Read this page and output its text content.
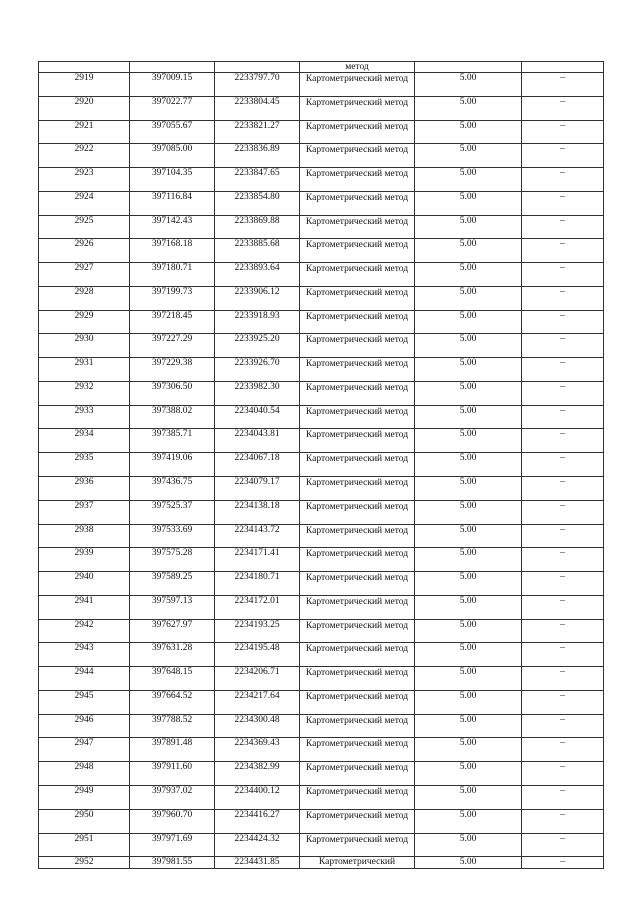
			метод		
2919	397009.15	2233797.70	Картометрический метод	5.00	–
2920	397022.77	2233804.45	Картометрический метод	5.00	–
2921	397055.67	2233821.27	Картометрический метод	5.00	–
2922	397085.00	2233836.89	Картометрический метод	5.00	–
2923	397104.35	2233847.65	Картометрический метод	5.00	–
2924	397116.84	2233854.80	Картометрический метод	5.00	–
2925	397142.43	2233869.88	Картометрический метод	5.00	–
2926	397168.18	2233885.68	Картометрический метод	5.00	–
2927	397180.71	2233893.64	Картометрический метод	5.00	–
2928	397199.73	2233906.12	Картометрический метод	5.00	–
2929	397218.45	2233918.93	Картометрический метод	5.00	–
2930	397227.29	2233925.20	Картометрический метод	5.00	–
2931	397229.38	2233926.70	Картометрический метод	5.00	–
2932	397306.50	2233982.30	Картометрический метод	5.00	–
2933	397388.02	2234040.54	Картометрический метод	5.00	–
2934	397385.71	2234043.81	Картометрический метод	5.00	–
2935	397419.06	2234067.18	Картометрический метод	5.00	–
2936	397436.75	2234079.17	Картометрический метод	5.00	–
2937	397525.37	2234138.18	Картометрический метод	5.00	–
2938	397533.69	2234143.72	Картометрический метод	5.00	–
2939	397575.28	2234171.41	Картометрический метод	5.00	–
2940	397589.25	2234180.71	Картометрический метод	5.00	–
2941	397597.13	2234172.01	Картометрический метод	5.00	–
2942	397627.97	2234193.25	Картометрический метод	5.00	–
2943	397631.28	2234195.48	Картометрический метод	5.00	–
2944	397648.15	2234206.71	Картометрический метод	5.00	–
2945	397664.52	2234217.64	Картометрический метод	5.00	–
2946	397788.52	2234300.48	Картометрический метод	5.00	–
2947	397891.48	2234369.43	Картометрический метод	5.00	–
2948	397911.60	2234382.99	Картометрический метод	5.00	–
2949	397937.02	2234400.12	Картометрический метод	5.00	–
2950	397960.70	2234416.27	Картометрический метод	5.00	–
2951	397971.69	2234424.32	Картометрический метод	5.00	–
2952	397981.55	2234431.85	Картометрический	5.00	–
